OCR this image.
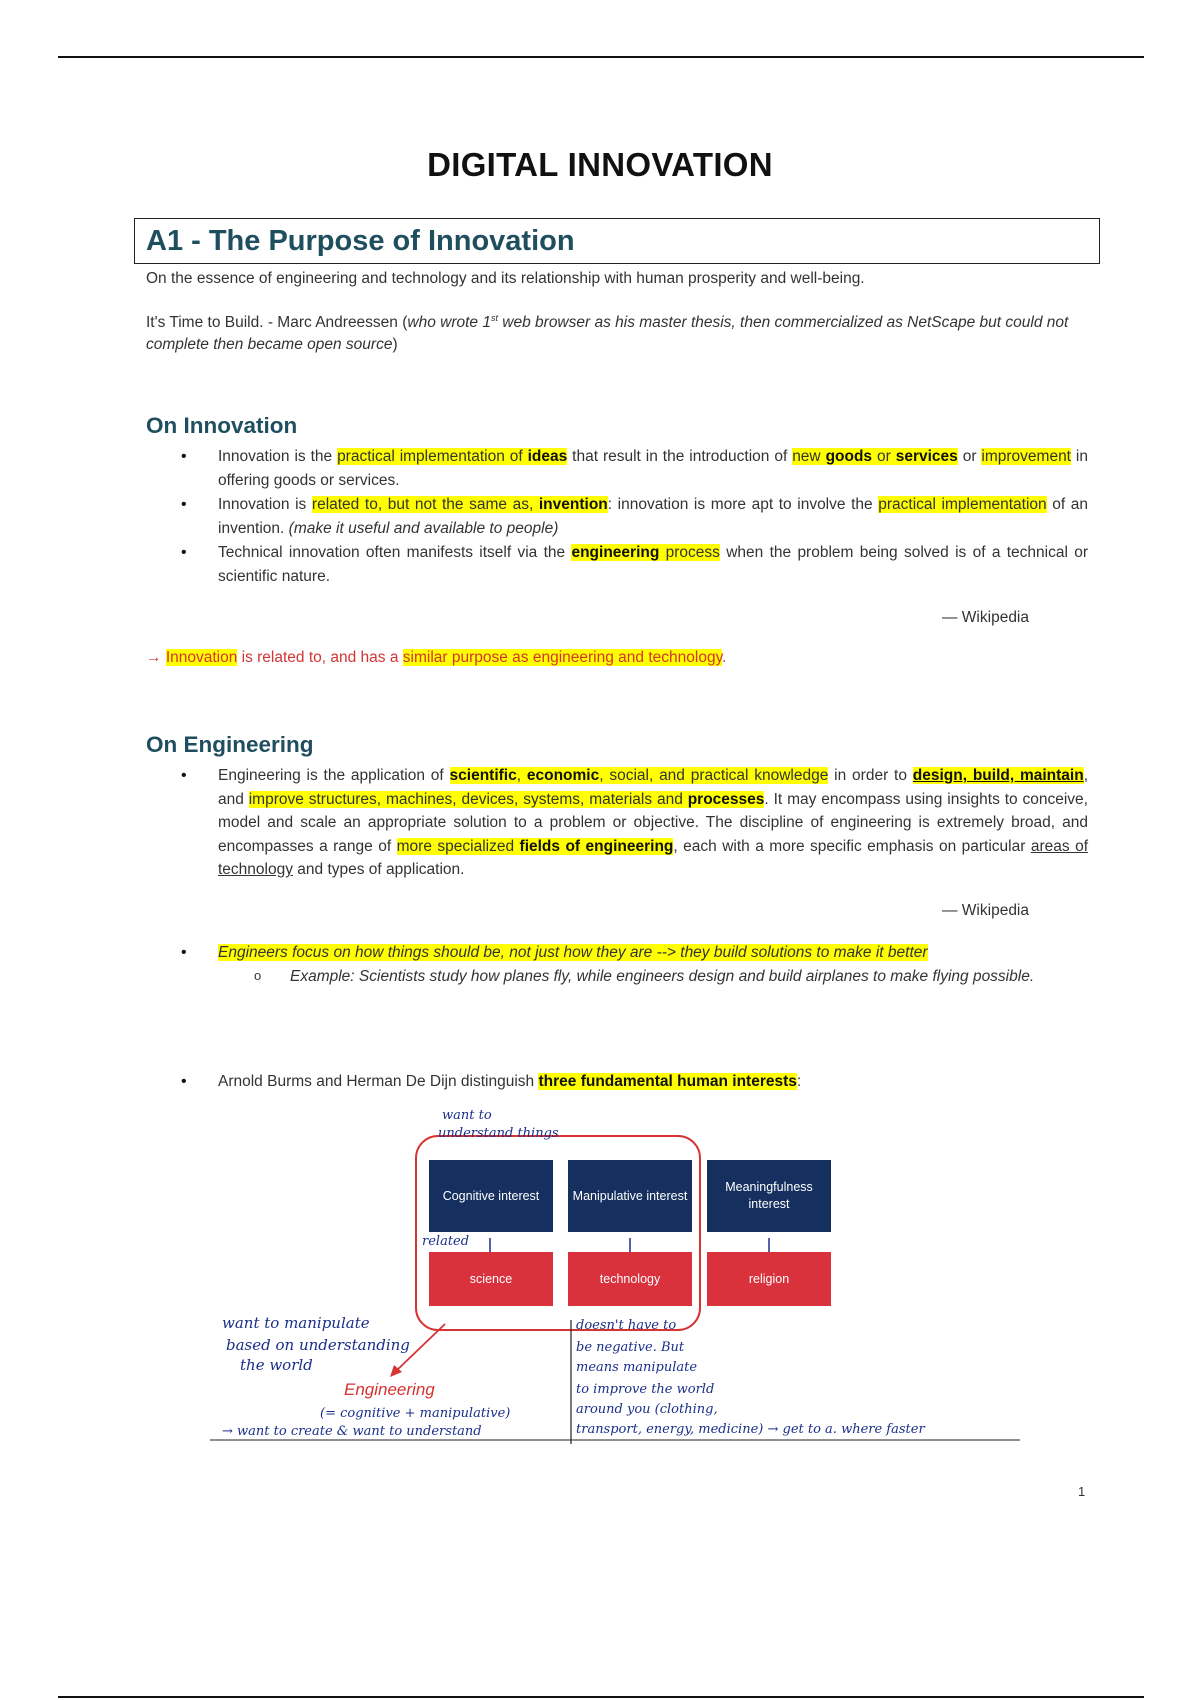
DIGITAL INNOVATION
A1 - The Purpose of Innovation
On the essence of engineering and technology and its relationship with human prosperity and well-being.
It's Time to Build. - Marc Andreessen (who wrote 1st web browser as his master thesis, then commercialized as NetScape but could not complete then became open source)
On Innovation
• Innovation is the practical implementation of ideas that result in the introduction of new goods or services or improvement in offering goods or services.
• Innovation is related to, but not the same as, invention: innovation is more apt to involve the practical implementation of an invention. (make it useful and available to people)
• Technical innovation often manifests itself via the engineering process when the problem being solved is of a technical or scientific nature.
— Wikipedia
→ Innovation is related to, and has a similar purpose as engineering and technology.
On Engineering
• Engineering is the application of scientific, economic, social, and practical knowledge in order to design, build, maintain, and improve structures, machines, devices, systems, materials and processes. It may encompass using insights to conceive, model and scale an appropriate solution to a problem or objective. The discipline of engineering is extremely broad, and encompasses a range of more specialized fields of engineering, each with a more specific emphasis on particular areas of technology and types of application.
— Wikipedia
• Engineers focus on how things should be, not just how they are --> they build solutions to make it better
o Example: Scientists study how planes fly, while engineers design and build airplanes to make flying possible.
• Arnold Burms and Herman De Dijn distinguish three fundamental human interests:
Cognitive interest	Manipulative interest
Meaningfulness interest
science	technology	religion
want to
understand things
related
want to manipulate
based on understanding
the world
Engineering
(= cognitive + manipulative)
→ want to create & want to understand
doesn't have to
be negative. But
means manipulate
to improve the world
around you (clothing,
transport, energy, medicine) → get to a. where faster
1
